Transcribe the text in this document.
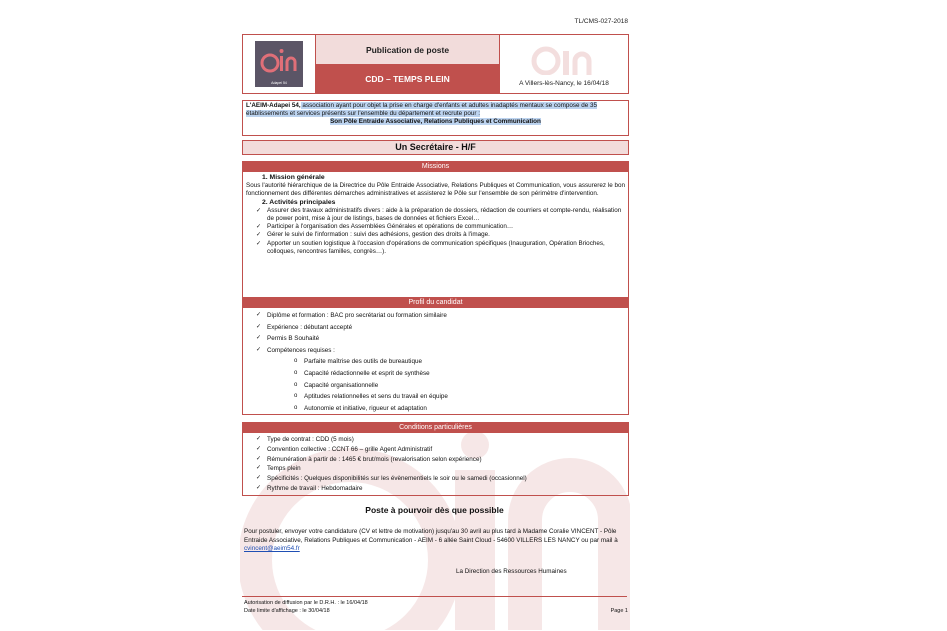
TL/CMS-027-2018
Adapei 54
Publication de poste
CDD – TEMPS PLEIN	A Villers-lès-Nancy, le 16/04/18
L'AEIM-Adapei 54, association ayant pour objet la prise en charge d'enfants et adultes inadaptés mentaux se compose de 35 établissements et services présents sur l'ensemble du département et recrute pour :
Son Pôle Entraide Associative, Relations Publiques et Communication
Un Secrétaire - H/F
Missions
1. Mission générale
Sous l'autorité hiérarchique de la Directrice du Pôle Entraide Associative, Relations Publiques et Communication, vous assurerez le bon fonctionnement des différentes démarches administratives et assisterez le Pôle sur l'ensemble de son périmètre d'intervention.
2. Activités principales
✓ Assurer des travaux administratifs divers : aide à la préparation de dossiers, rédaction de courriers et compte-rendu, réalisation de power point, mise à jour de listings, bases de données et fichiers Excel…
✓ Participer à l'organisation des Assemblées Générales et opérations de communication…
✓ Gérer le suivi de l'information : suivi des adhésions, gestion des droits à l'image.
✓ Apporter un soutien logistique à l'occasion d'opérations de communication spécifiques (Inauguration, Opération Brioches, colloques, rencontres familles, congrès…).
Profil du candidat
✓ Diplôme et formation : BAC pro secrétariat ou formation similaire
✓ Expérience : débutant accepté
✓ Permis B Souhaité
✓ Compétences requises :
o Parfaite maîtrise des outils de bureautique
o Capacité rédactionnelle et esprit de synthèse
o Capacité organisationnelle
o Aptitudes relationnelles et sens du travail en équipe
o Autonomie et initiative, rigueur et adaptation
Conditions particulières
✓ Type de contrat : CDD (5 mois)
✓ Convention collective : CCNT 66 – grille Agent Administratif
✓ Rémunération à partir de : 1465 € brut/mois (revalorisation selon expérience)
✓ Temps plein
✓ Spécificités : Quelques disponibilités sur les évènementiels le soir ou le samedi (occasionnel)
✓ Rythme de travail : Hebdomadaire
Poste à pourvoir dès que possible
Pour postuler, envoyer votre candidature (CV et lettre de motivation) jusqu'au 30 avril au plus tard à Madame Coralie VINCENT - Pôle Entraide Associative, Relations Publiques et Communication - AEIM - 6 allée Saint Cloud - 54600 VILLERS LES NANCY ou par mail à cvincent@aeim54.fr
La Direction des Ressources Humaines
Autorisation de diffusion par le D.R.H. : le 16/04/18
Date limite d'affichage : le 30/04/18	Page 1
